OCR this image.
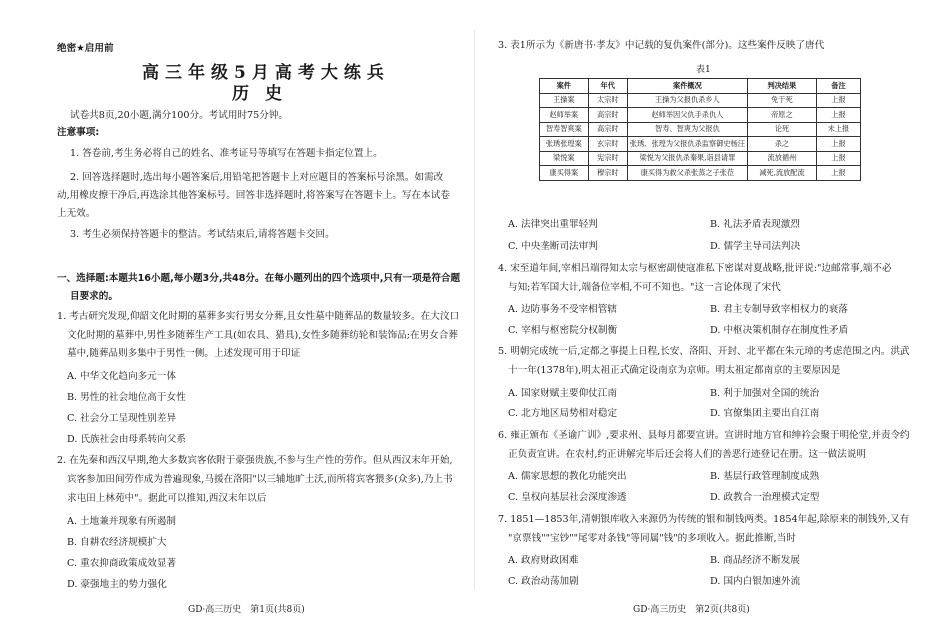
绝密★启用前
高三年级5月高考大练兵
历史
试卷共8页,20小题,满分100分。考试用时75分钟。
注意事项:
1. 答卷前,考生务必将自己的姓名、准考证号等填写在答题卡指定位置上。
2. 回答选择题时,选出每小题答案后,用铅笔把答题卡上对应题目的答案标号涂黑。如需改
动,用橡皮擦干净后,再选涂其他答案标号。回答非选择题时,将答案写在答题卡上。写在本试卷
上无效。
3. 考生必须保持答题卡的整洁。考试结束后,请将答题卡交回。
一、选择题:本题共16小题,每小题3分,共48分。在每小题列出的四个选项中,只有一项是符合题
目要求的。
1. 考古研究发现,仰韶文化时期的墓葬多实行男女分葬,且女性墓中随葬品的数量较多。在大汶口
文化时期的墓葬中,男性多随葬生产工具(如农具、猎具),女性多随葬纺轮和装饰品;在男女合葬
墓中,随葬品则多集中于男性一侧。上述发现可用于印证
A. 中华文化趋向多元一体
B. 男性的社会地位高于女性
C. 社会分工呈现性别差异
D. 氏族社会由母系转向父系
2. 在先秦和西汉早期,绝大多数宾客依附于豪强贵族,不参与生产性的劳作。但从西汉末年开始,
宾客参加田间劳作成为普遍现象,马援在洛阳"以三辅地旷土沃,而所将宾客猥多(众多),乃上书
求屯田上林苑中"。据此可以推知,西汉末年以后
A. 土地兼并现象有所遏制
B. 自耕农经济规模扩大
C. 重农抑商政策成效显著
D. 豪强地主的势力强化
GD·高三历史　第1页(共8页)
3. 表1所示为《新唐书·孝友》中记载的复仇案件(部分)。这些案件反映了唐代
表1
案件	年代	案件概况	判决结果	备注
王操案	太宗时	王操为父报仇杀乡人	免于死	上报
赵师举案	高宗时	赵师举因父仇手杀仇人	帝原之	上报
智寿智爽案	高宗时	智寿、智爽为父报仇	论死	未上报
张琇张瑝案	玄宗时	张琇、张瑝为父报仇杀监察御史杨汪	杀之	上报
梁悦案	宪宗时	梁悦为父报仇杀秦果,诣县请罪	流放循州	上报
康买得案	穆宗时	康买得为救父杀张蒸之子张莅	减死,流放配流	上报
A. 法律突出重罪轻判	B. 礼法矛盾表现激烈
C. 中央垄断司法审判	D. 儒学主导司法判决
4. 宋至道年间,宰相吕端得知太宗与枢密副使寇准私下密谋对夏战略,批评说:"边邮常事,端不必
与知;若军国大计,端备位宰相,不可不知也。"这一言论体现了宋代
A. 边防事务不受宰相管辖	B. 君主专制导致宰相权力的衰落
C. 宰相与枢密院分权制衡	D. 中枢决策机制存在制度性矛盾
5. 明朝完成统一后,定都之事提上日程,长安、洛阳、开封、北平都在朱元璋的考虑范围之内。洪武
十一年(1378年),明太祖正式确定设南京为京师。明太祖定都南京的主要原因是
A. 国家财赋主要仰仗江南	B. 利于加强对全国的统治
C. 北方地区局势相对稳定	D. 官僚集团主要出自江南
6. 雍正颁布《圣谕广训》,要求州、县每月都要宣讲。宣讲时地方官和绅衿会聚于明伦堂,并责令约
正负责宣讲。在农村,约正讲解完毕后还会将人们的善恶行迹登记在册。这一做法说明
A. 儒家思想的教化功能突出	B. 基层行政管理制度成熟
C. 皇权向基层社会深度渗透	D. 政教合一治理模式定型
7. 1851—1853年,清朝银库收入来源仍为传统的银和制钱两类。1854年起,除原来的制钱外,又有
"京票钱""宝钞""尾零对条钱"等同属"钱"的多项收入。据此推断,当时
A. 政府财政困难	B. 商品经济不断发展
C. 政治动荡加剧	D. 国内白银加速外流
GD·高三历史　第2页(共8页)
